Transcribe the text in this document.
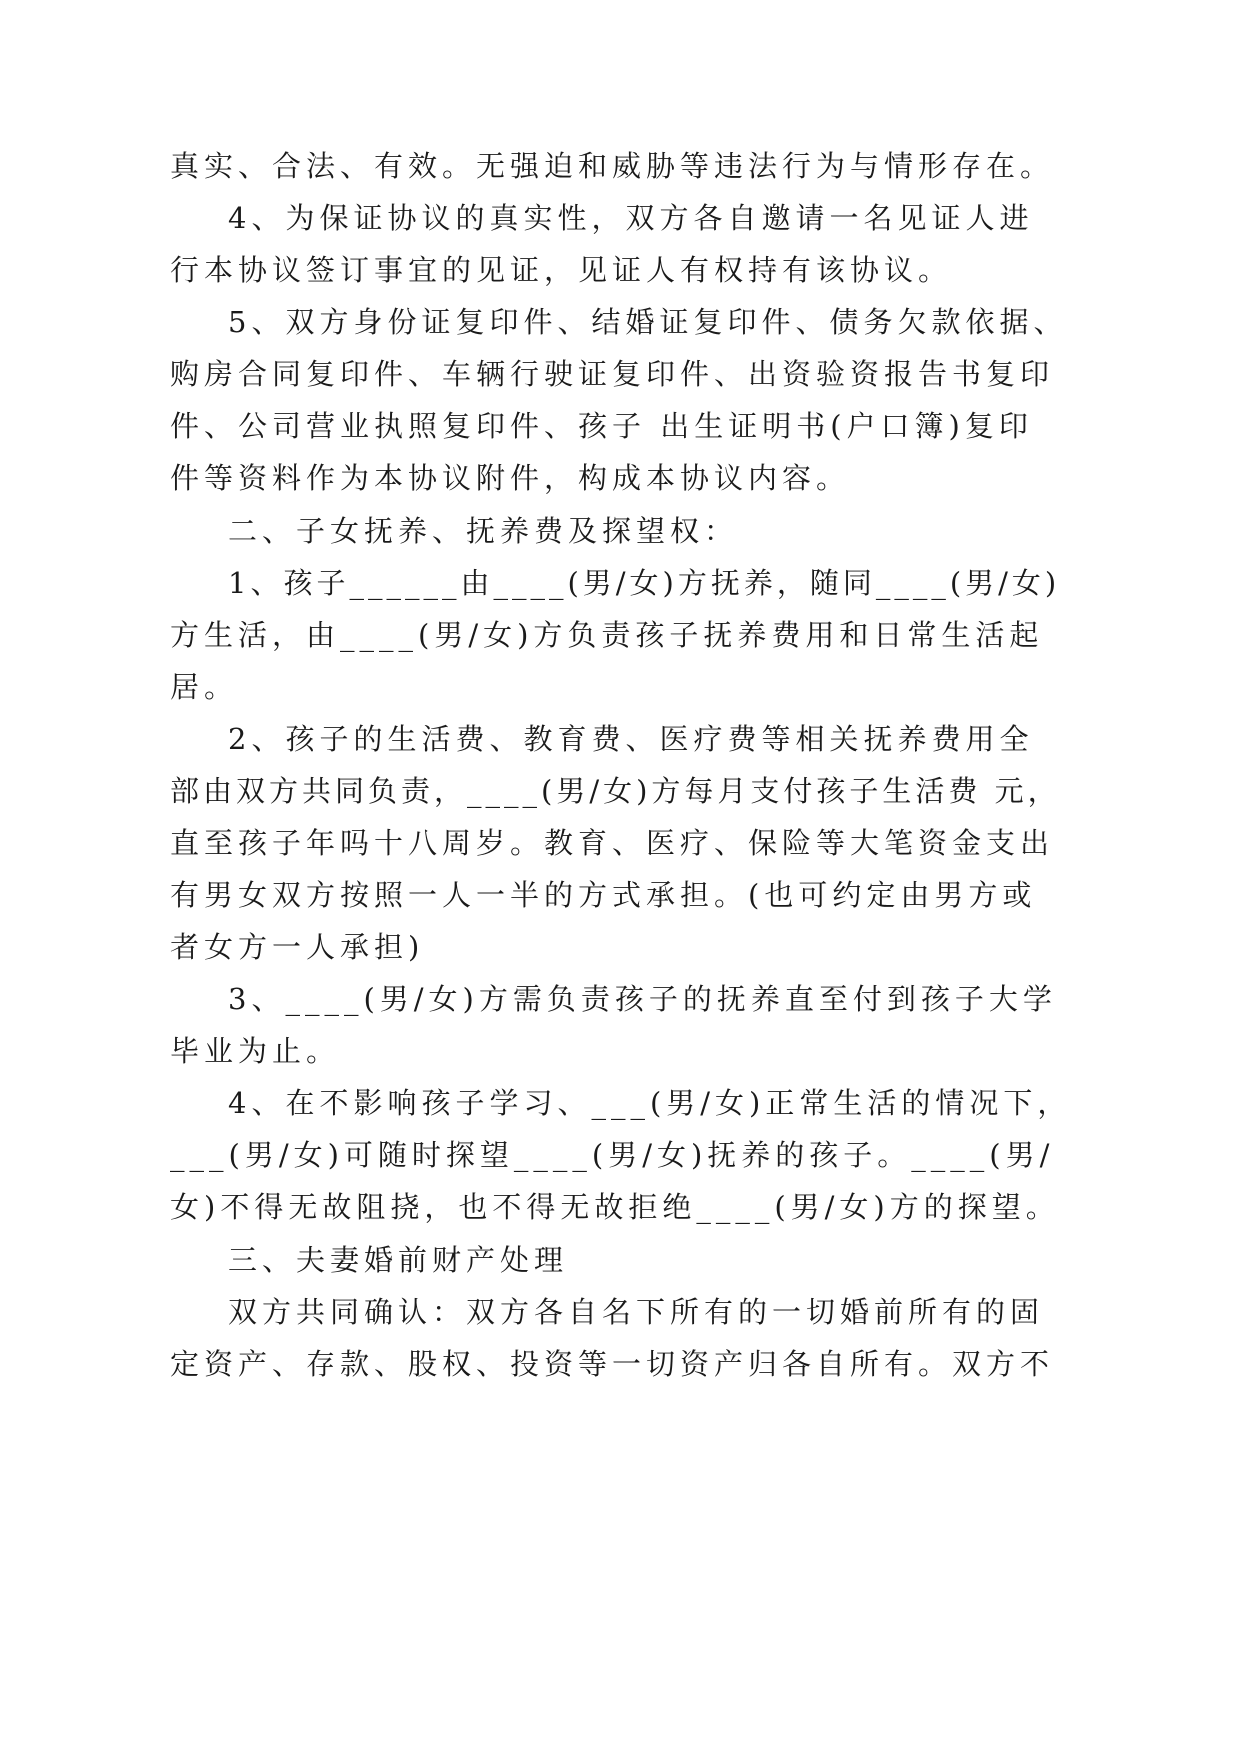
真实、合法、有效。无强迫和威胁等违法行为与情形存在。
4、为保证协议的真实性，双方各自邀请一名见证人进
行本协议签订事宜的见证，见证人有权持有该协议。
5、双方身份证复印件、结婚证复印件、债务欠款依据、
购房合同复印件、车辆行驶证复印件、出资验资报告书复印
件、公司营业执照复印件、孩子 出生证明书(户口簿)复印
件等资料作为本协议附件，构成本协议内容。
二、子女抚养、抚养费及探望权：
1、孩子______由____(男/女)方抚养，随同____(男/女)
方生活，由____(男/女)方负责孩子抚养费用和日常生活起
居。
2、孩子的生活费、教育费、医疗费等相关抚养费用全
部由双方共同负责，____(男/女)方每月支付孩子生活费 元，
直至孩子年吗十八周岁。教育、医疗、保险等大笔资金支出
有男女双方按照一人一半的方式承担。(也可约定由男方或
者女方一人承担)
3、____(男/女)方需负责孩子的抚养直至付到孩子大学
毕业为止。
4、在不影响孩子学习、___(男/女)正常生活的情况下，
___(男/女)可随时探望____(男/女)抚养的孩子。____(男/
女)不得无故阻挠，也不得无故拒绝____(男/女)方的探望。
三、夫妻婚前财产处理
双方共同确认：双方各自名下所有的一切婚前所有的固
定资产、存款、股权、投资等一切资产归各自所有。双方不
